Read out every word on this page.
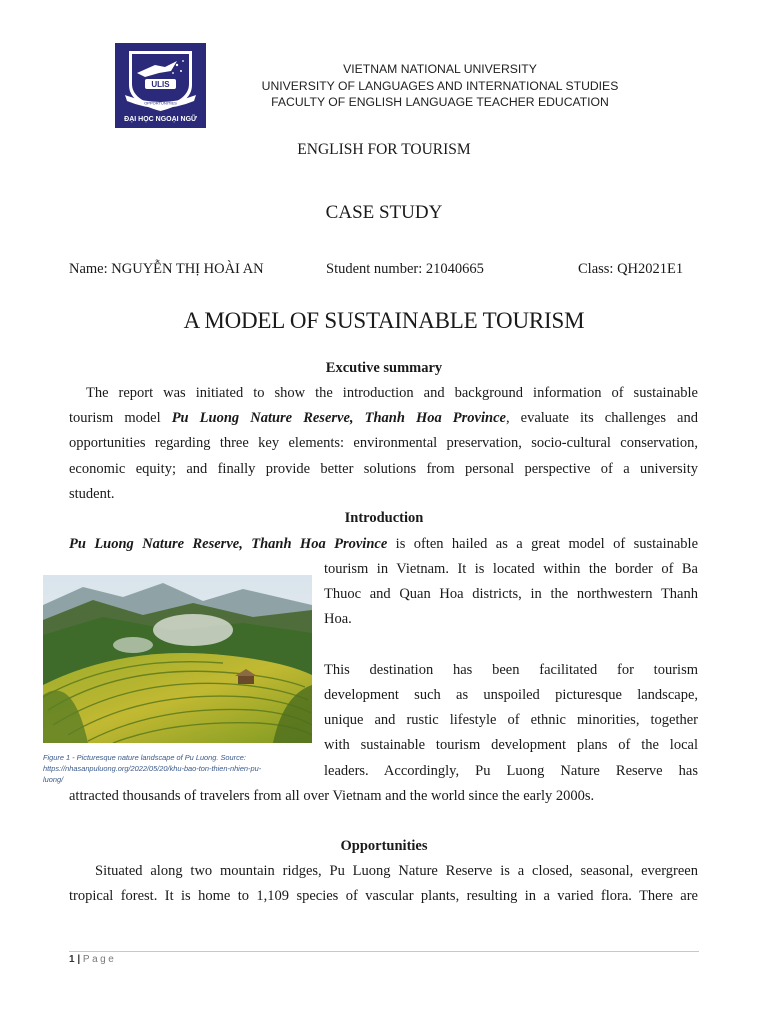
ULIS
OPPORTUNITIES
ĐẠI HỌC NGOẠI NGỮ
VIETNAM NATIONAL UNIVERSITY
UNIVERSITY OF LANGUAGES AND INTERNATIONAL STUDIES
FACULTY OF ENGLISH LANGUAGE TEACHER EDUCATION
ENGLISH FOR TOURISM
CASE STUDY
Name: NGUYỄN THỊ HOÀI AN	Student number: 21040665	Class: QH2021E1
A MODEL OF SUSTAINABLE TOURISM
Excutive summary
The report was initiated to show the introduction and background information of sustainable
tourism model Pu Luong Nature Reserve, Thanh Hoa Province, evaluate its challenges and
opportunities regarding three key elements: environmental preservation, socio-cultural conservation,
economic equity; and finally provide better solutions from personal perspective of a university
student.
Introduction
Pu Luong Nature Reserve, Thanh Hoa Province is often hailed as a great model of sustainable
tourism in Vietnam. It is located within the border of Ba
Thuoc and Quan Hoa districts, in the northwestern Thanh
Hoa.
This destination has been facilitated for tourism
development such as unspoiled picturesque landscape,
unique and rustic lifestyle of ethnic minorities, together
with sustainable tourism development plans of the local
leaders. Accordingly, Pu Luong Nature Reserve has
attracted thousands of travelers from all over Vietnam and the world since the early 2000s.
Figure 1 - Picturesque nature landscape of Pu Luong. Source:
https://nhasanpuluong.org/2022/05/20/khu-bao-ton-thien-nhien-pu-
luong/
Opportunities
Situated along two mountain ridges, Pu Luong Nature Reserve is a closed, seasonal, evergreen
tropical forest. It is home to 1,109 species of vascular plants, resulting in a varied flora. There are
1 | Page
